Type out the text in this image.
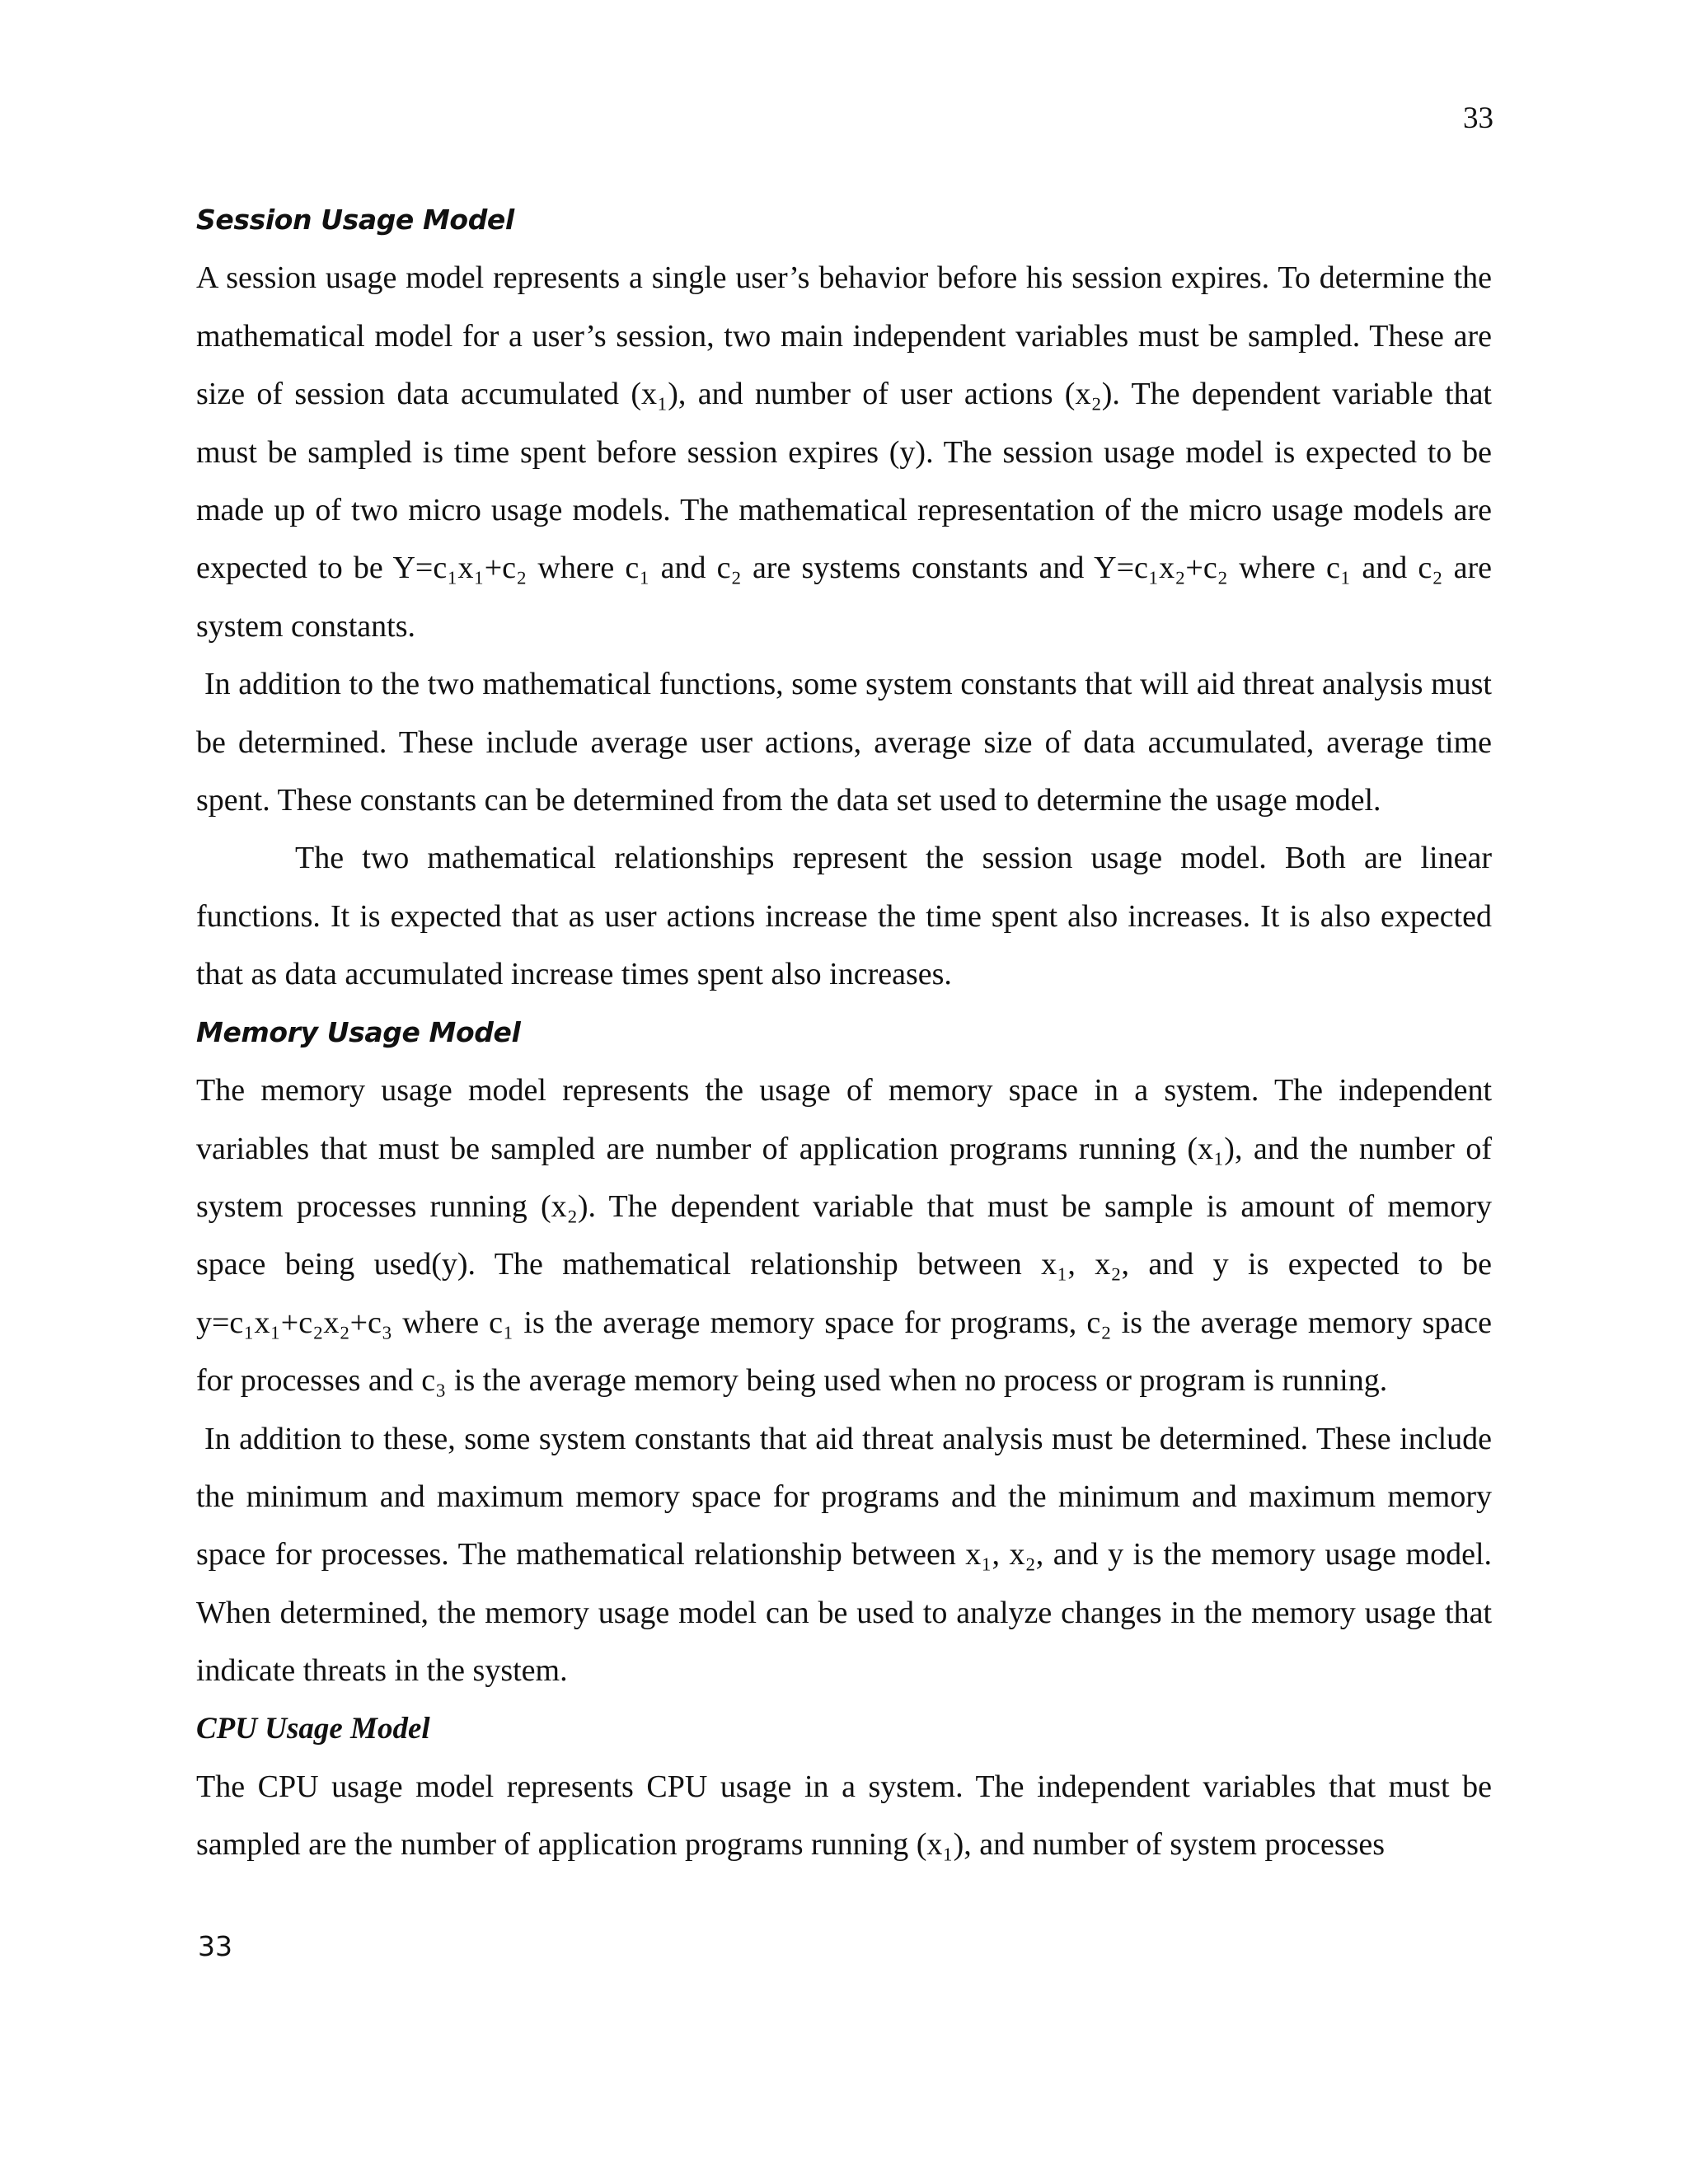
33
Session Usage Model

A session usage model represents a single user’s behavior before his session expires. To determine the mathematical model for a user’s session, two main independent variables must be sampled. These are size of session data accumulated (x₁), and number of user actions (x₂). The dependent variable that must be sampled is time spent before session expires (y). The session usage model is expected to be made up of two micro usage models. The mathematical representation of the micro usage models are expected to be Y=c₁x₁+c₂ where c₁ and c₂ are systems constants and Y=c₁x₂+c₂ where c₁ and c₂ are system constants.

In addition to the two mathematical functions, some system constants that will aid threat analysis must be determined. These include average user actions, average size of data accumulated, average time spent. These constants can be determined from the data set used to determine the usage model.

The two mathematical relationships represent the session usage model. Both are linear functions. It is expected that as user actions increase the time spent also increases. It is also expected that as data accumulated increase times spent also increases.

Memory Usage Model

The memory usage model represents the usage of memory space in a system. The independent variables that must be sampled are number of application programs running (x₁), and the number of system processes running (x₂). The dependent variable that must be sample is amount of memory space being used(y). The mathematical relationship between x₁, x₂, and y is expected to be y=c₁x₁+c₂x₂+c₃ where c₁ is the average memory space for programs, c₂ is the average memory space for processes and c₃ is the average memory being used when no process or program is running.

In addition to these, some system constants that aid threat analysis must be determined. These include the minimum and maximum memory space for programs and the minimum and maximum memory space for processes. The mathematical relationship between x₁, x₂, and y is the memory usage model. When determined, the memory usage model can be used to analyze changes in the memory usage that indicate threats in the system.

CPU Usage Model

The CPU usage model represents CPU usage in a system. The independent variables that must be sampled are the number of application programs running (x₁), and number of system processes

33
